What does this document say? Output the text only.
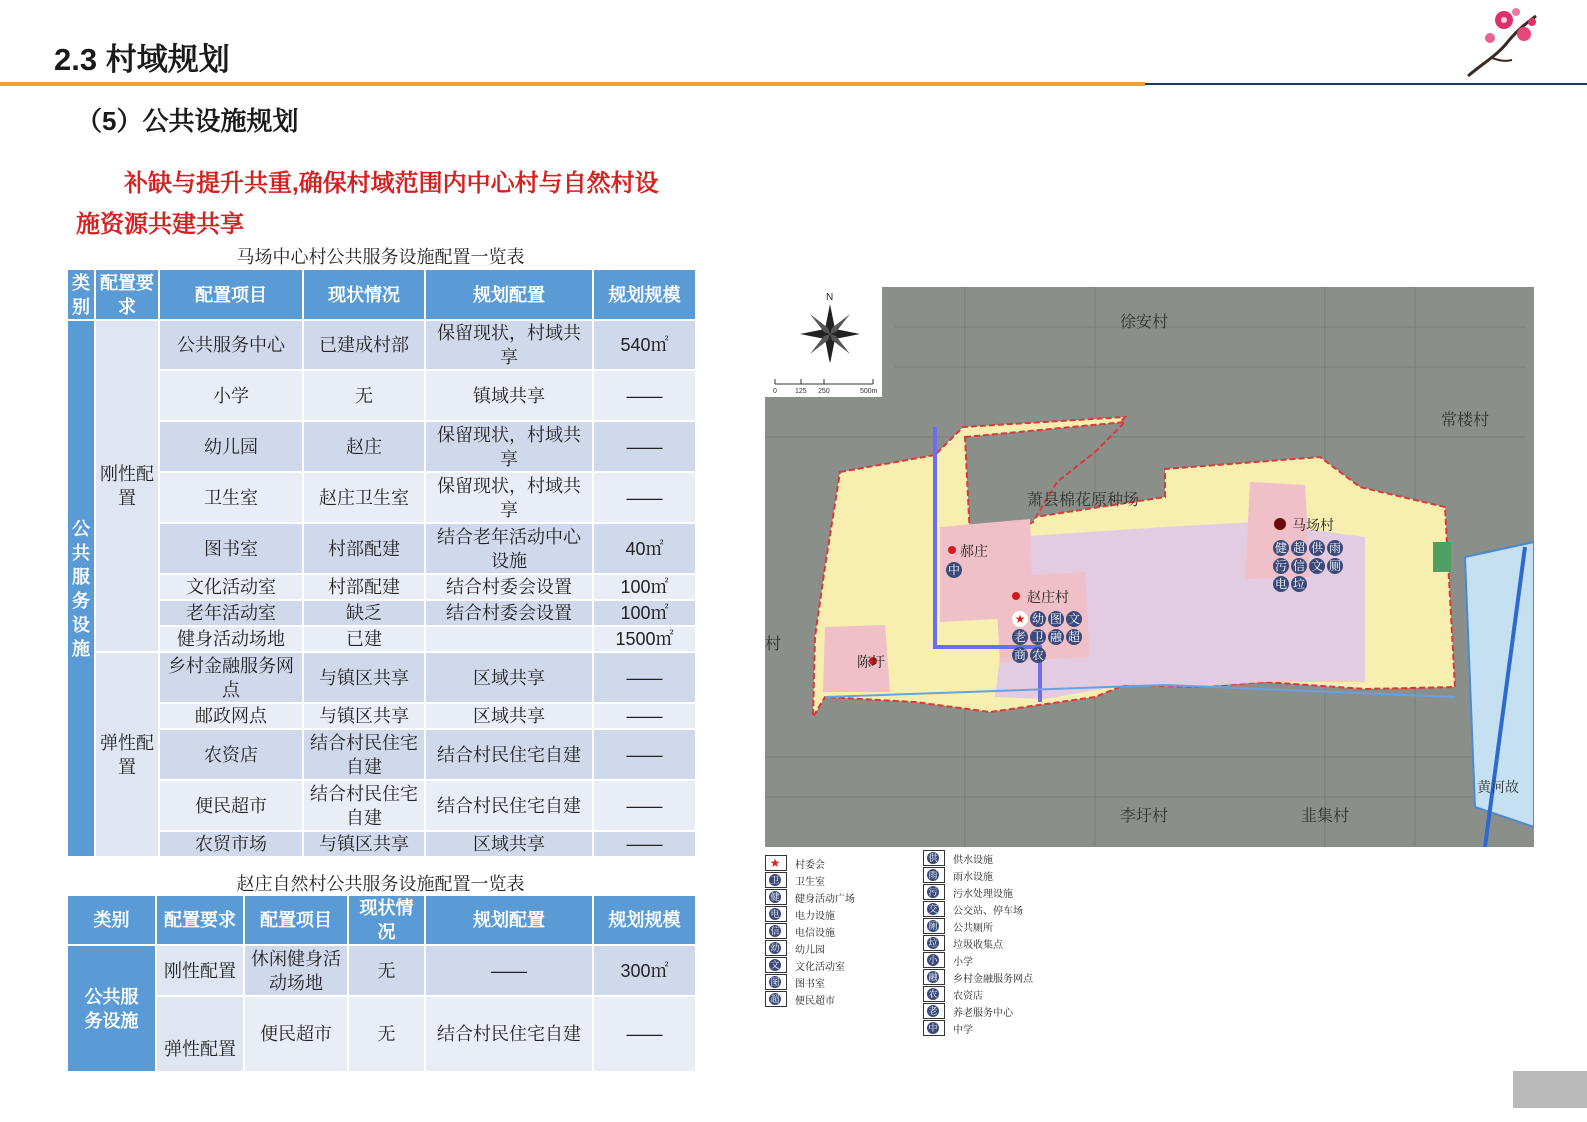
2.3 村域规划
（5）公共设施规划
补缺与提升共重,确保村域范围内中心村与自然村设
施资源共建共享
马场中心村公共服务设施配置一览表
类别	配置要求	配置项目	现状情况	规划配置	规划规模
公共服务设施	刚性配置	公共服务中心	已建成村部	保留现状，村域共享	540㎡
		小学	无	镇域共享	——
		幼儿园	赵庄	保留现状，村域共享	——
		卫生室	赵庄卫生室	保留现状，村域共享	——
		图书室	村部配建	结合老年活动中心设施	40㎡
		文化活动室	村部配建	结合村委会设置	100㎡
		老年活动室	缺乏	结合村委会设置	100㎡
		健身活动场地	已建		1500㎡
	弹性配置	乡村金融服务网点	与镇区共享	区域共享	——
		邮政网点	与镇区共享	区域共享	——
		农资店	结合村民住宅自建	结合村民住宅自建	——
		便民超市	结合村民住宅自建	结合村民住宅自建	——
		农贸市场	与镇区共享	区域共享	——
赵庄自然村公共服务设施配置一览表
类别	配置要求	配置项目	现状情况	规划配置	规划规模
公共服务设施	刚性配置	休闲健身活动场地	无	——	300㎡
	弹性配置	便民超市	无	结合村民住宅自建	——
0	125 250	500m
徐安村
常楼村
萧县棉花原种场
李圩村	韭集村
村
黄河故
马场村
郝庄
赵庄村
陈圩
健 超 供 雨
污 信 文 厕
电 垃
中
★ 幼 图 文
老 卫 融 超
商 农
N
★ 村委会
卫 卫生室
健 健身活动广场
电 电力设施
信 电信设施
幼 幼儿园
文 文化活动室
图 图书室
超 便民超市
供 供水设施
雨 雨水设施
污 污水处理设施
交 公交站、停车场
厕 公共厕所
垃 垃圾收集点
小 小学
融 乡村金融服务网点
农 农资店
老 养老服务中心
中 中学
